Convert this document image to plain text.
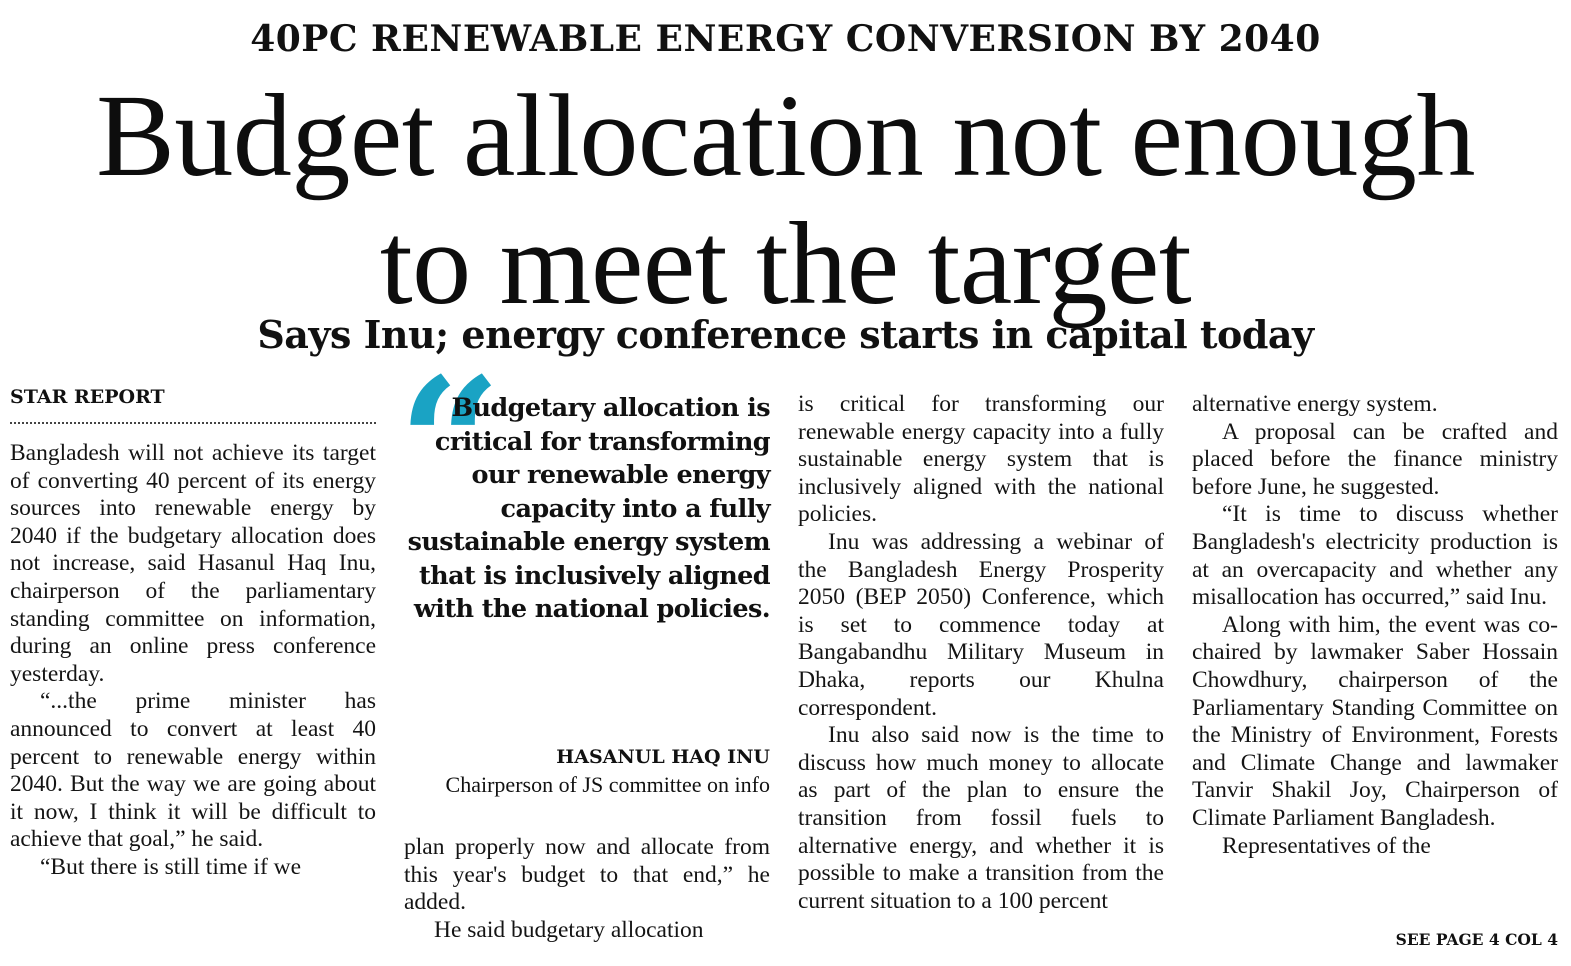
40PC RENEWABLE ENERGY CONVERSION BY 2040
Budget allocation not enough
to meet the target
Says Inu; energy conference starts in capital today
STAR REPORT

Bangladesh will not achieve its target of converting 40 percent of its energy sources into renewable energy by 2040 if the budgetary allocation does not increase, said Hasanul Haq Inu, chairperson of the parliamentary standing committee on information, during an online press conference yesterday.

“...the prime minister has announced to convert at least 40 percent to renewable energy within 2040. But the way we are going about it now, I think it will be difficult to achieve that goal,” he said.

“But there is still time if we

“
Budgetary allocation is critical for transforming our renewable energy capacity into a fully sustainable energy system that is inclusively aligned with the national policies.
HASANUL HAQ INU
Chairperson of JS committee on info

plan properly now and allocate from this year's budget to that end,” he added.

He said budgetary allocation

is critical for transforming our renewable energy capacity into a fully sustainable energy system that is inclusively aligned with the national policies.

Inu was addressing a webinar of the Bangladesh Energy Prosperity 2050 (BEP 2050) Conference, which is set to commence today at Bangabandhu Military Museum in Dhaka, reports our Khulna correspondent.

Inu also said now is the time to discuss how much money to allocate as part of the plan to ensure the transition from fossil fuels to alternative energy, and whether it is possible to make a transition from the current situation to a 100 percent

alternative energy system.

A proposal can be crafted and placed before the finance ministry before June, he suggested.

“It is time to discuss whether Bangladesh's electricity production is at an overcapacity and whether any misallocation has occurred,” said Inu.

Along with him, the event was co-chaired by lawmaker Saber Hossain Chowdhury, chairperson of the Parliamentary Standing Committee on the Ministry of Environment, Forests and Climate Change and lawmaker Tanvir Shakil Joy, Chairperson of Climate Parliament Bangladesh.

Representatives of the

SEE PAGE 4 COL 4
